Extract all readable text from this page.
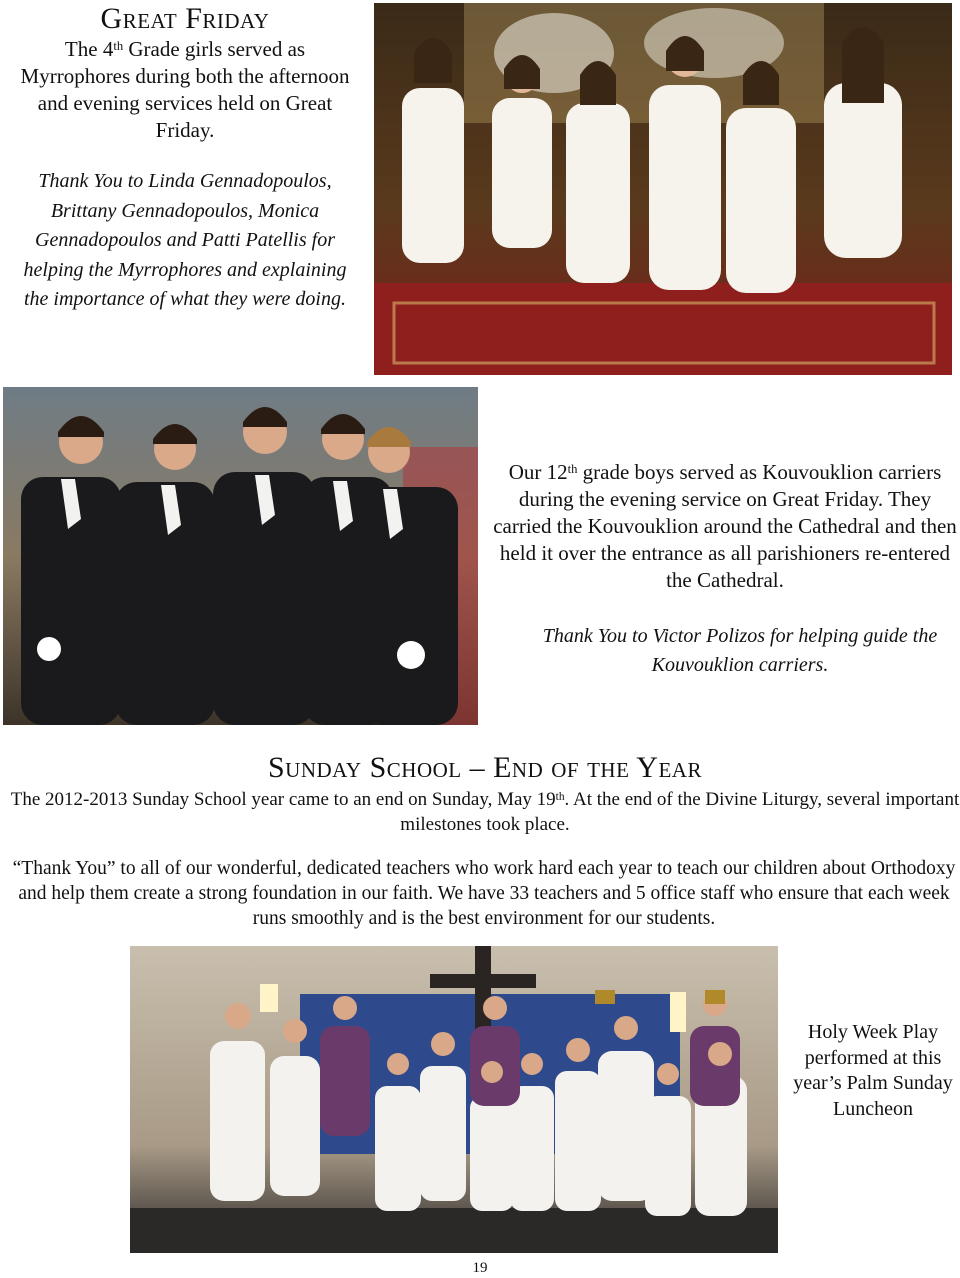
Great Friday
The 4th Grade girls served as Myrrophores during both the afternoon and evening services held on Great Friday.
Thank You to Linda Gennadopoulos, Brittany Gennadopoulos, Monica Gennadopoulos and Patti Patellis for helping the Myrrophores and explaining the importance of what they were doing.
Our 12th grade boys served as Kouvouklion carriers during the evening service on Great Friday. They carried the Kouvouklion around the Cathedral and then held it over the entrance as all parishioners re-entered the Cathedral.
Thank You to Victor Polizos for helping guide the Kouvouklion carriers.
Sunday School – End of the Year
The 2012-2013 Sunday School year came to an end on Sunday, May 19th. At the end of the Divine Liturgy, several important milestones took place.
“Thank You” to all of our wonderful, dedicated teachers who work hard each year to teach our children about Orthodoxy and help them create a strong foundation in our faith. We have 33 teachers and 5 office staff who ensure that each week runs smoothly and is the best environment for our students.
Holy Week Play performed at this year’s Palm Sunday Luncheon
19
